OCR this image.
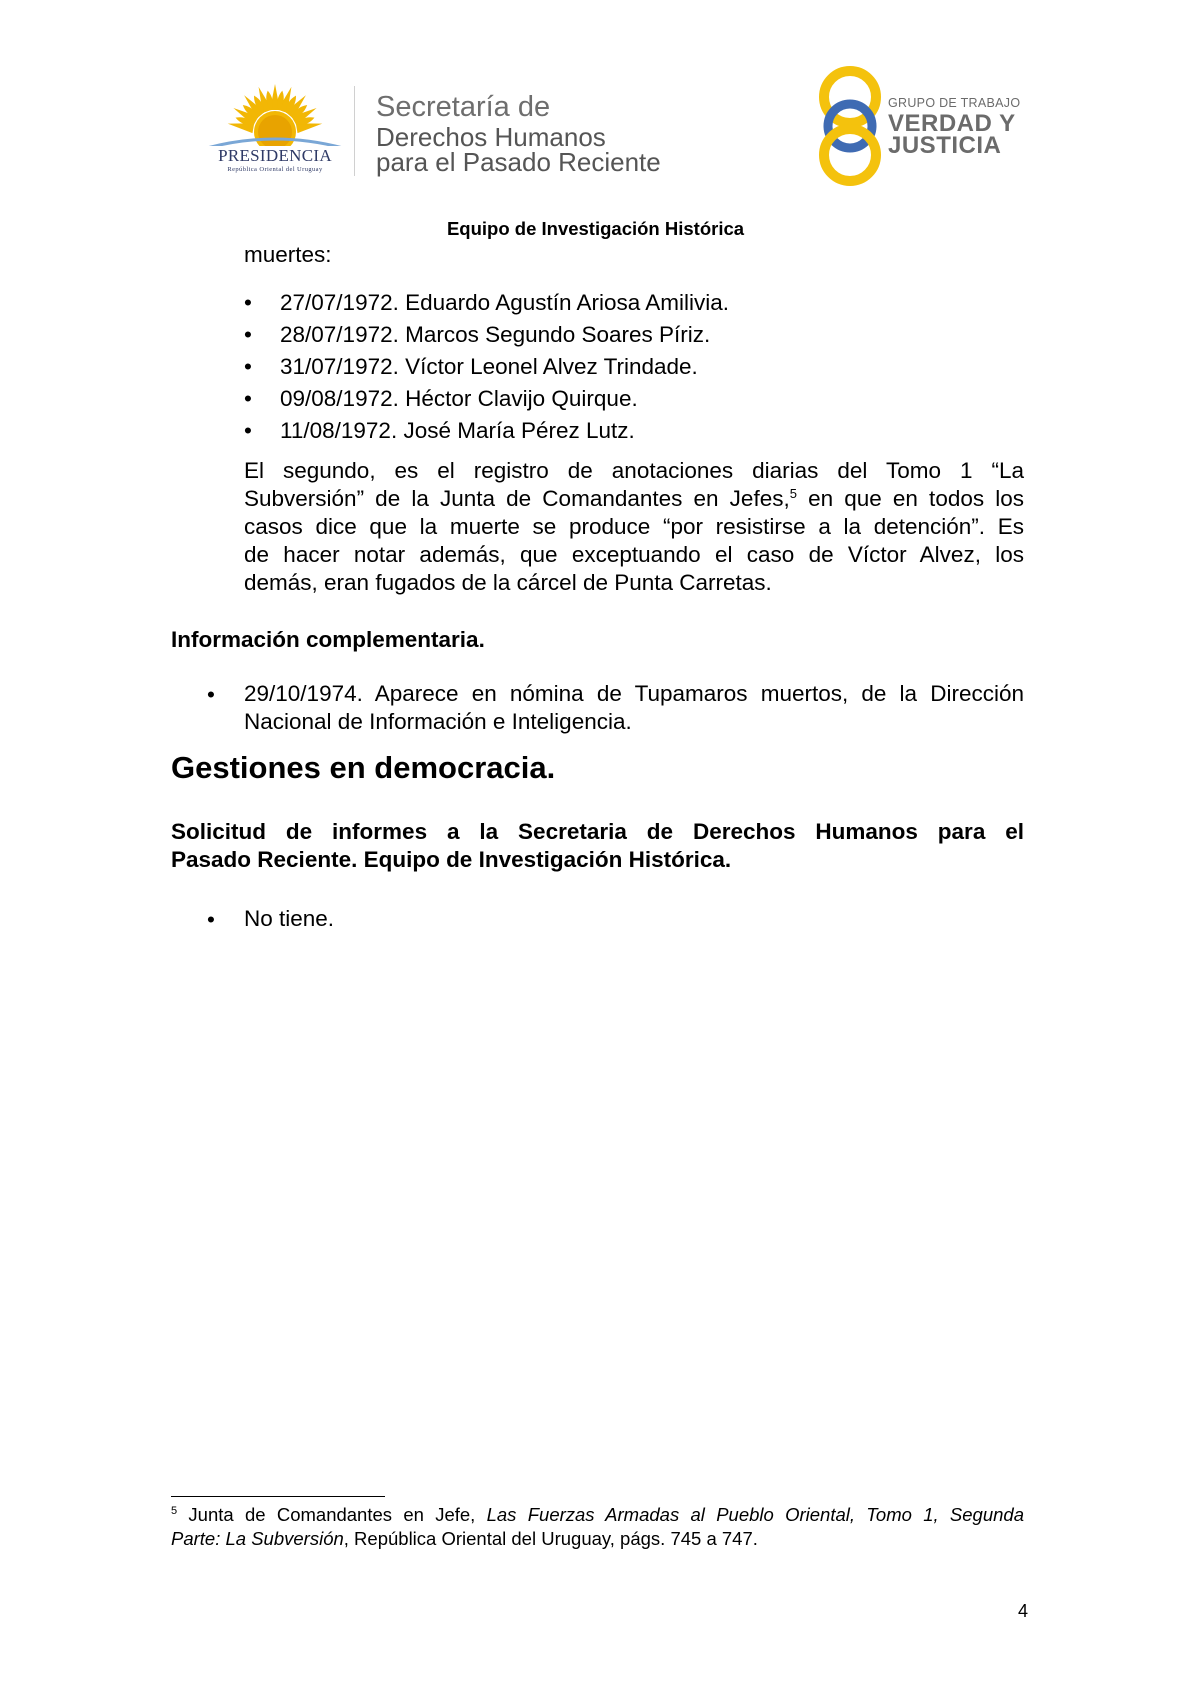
PRESIDENCIA
República Oriental del Uruguay
Secretaría de
Derechos Humanos
para el Pasado Reciente
GRUPO DE TRABAJO
VERDAD Y
JUSTICIA
Equipo de Investigación Histórica
muertes:
• 27/07/1972. Eduardo Agustín Ariosa Amilivia.
• 28/07/1972. Marcos Segundo Soares Píriz.
• 31/07/1972. Víctor Leonel Alvez Trindade.
• 09/08/1972. Héctor Clavijo Quirque.
• 11/08/1972. José María Pérez Lutz.
El segundo, es el registro de anotaciones diarias del Tomo 1 “La
Subversión” de la Junta de Comandantes en Jefes,$^5$ en que en todos los
casos dice que la muerte se produce “por resistirse a la detención”. Es
de hacer notar además, que exceptuando el caso de Víctor Alvez, los
demás, eran fugados de la cárcel de Punta Carretas.
Información complementaria.
• 29/10/1974. Aparece en nómina de Tupamaros muertos, de la Dirección
Nacional de Información e Inteligencia.
Gestiones en democracia.
Solicitud de informes a la Secretaria de Derechos Humanos para el
Pasado Reciente. Equipo de Investigación Histórica.
• No tiene.
$^5$ Junta de Comandantes en Jefe, Las Fuerzas Armadas al Pueblo Oriental, Tomo 1, Segunda
Parte: La Subversión, República Oriental del Uruguay, págs. 745 a 747.
4
